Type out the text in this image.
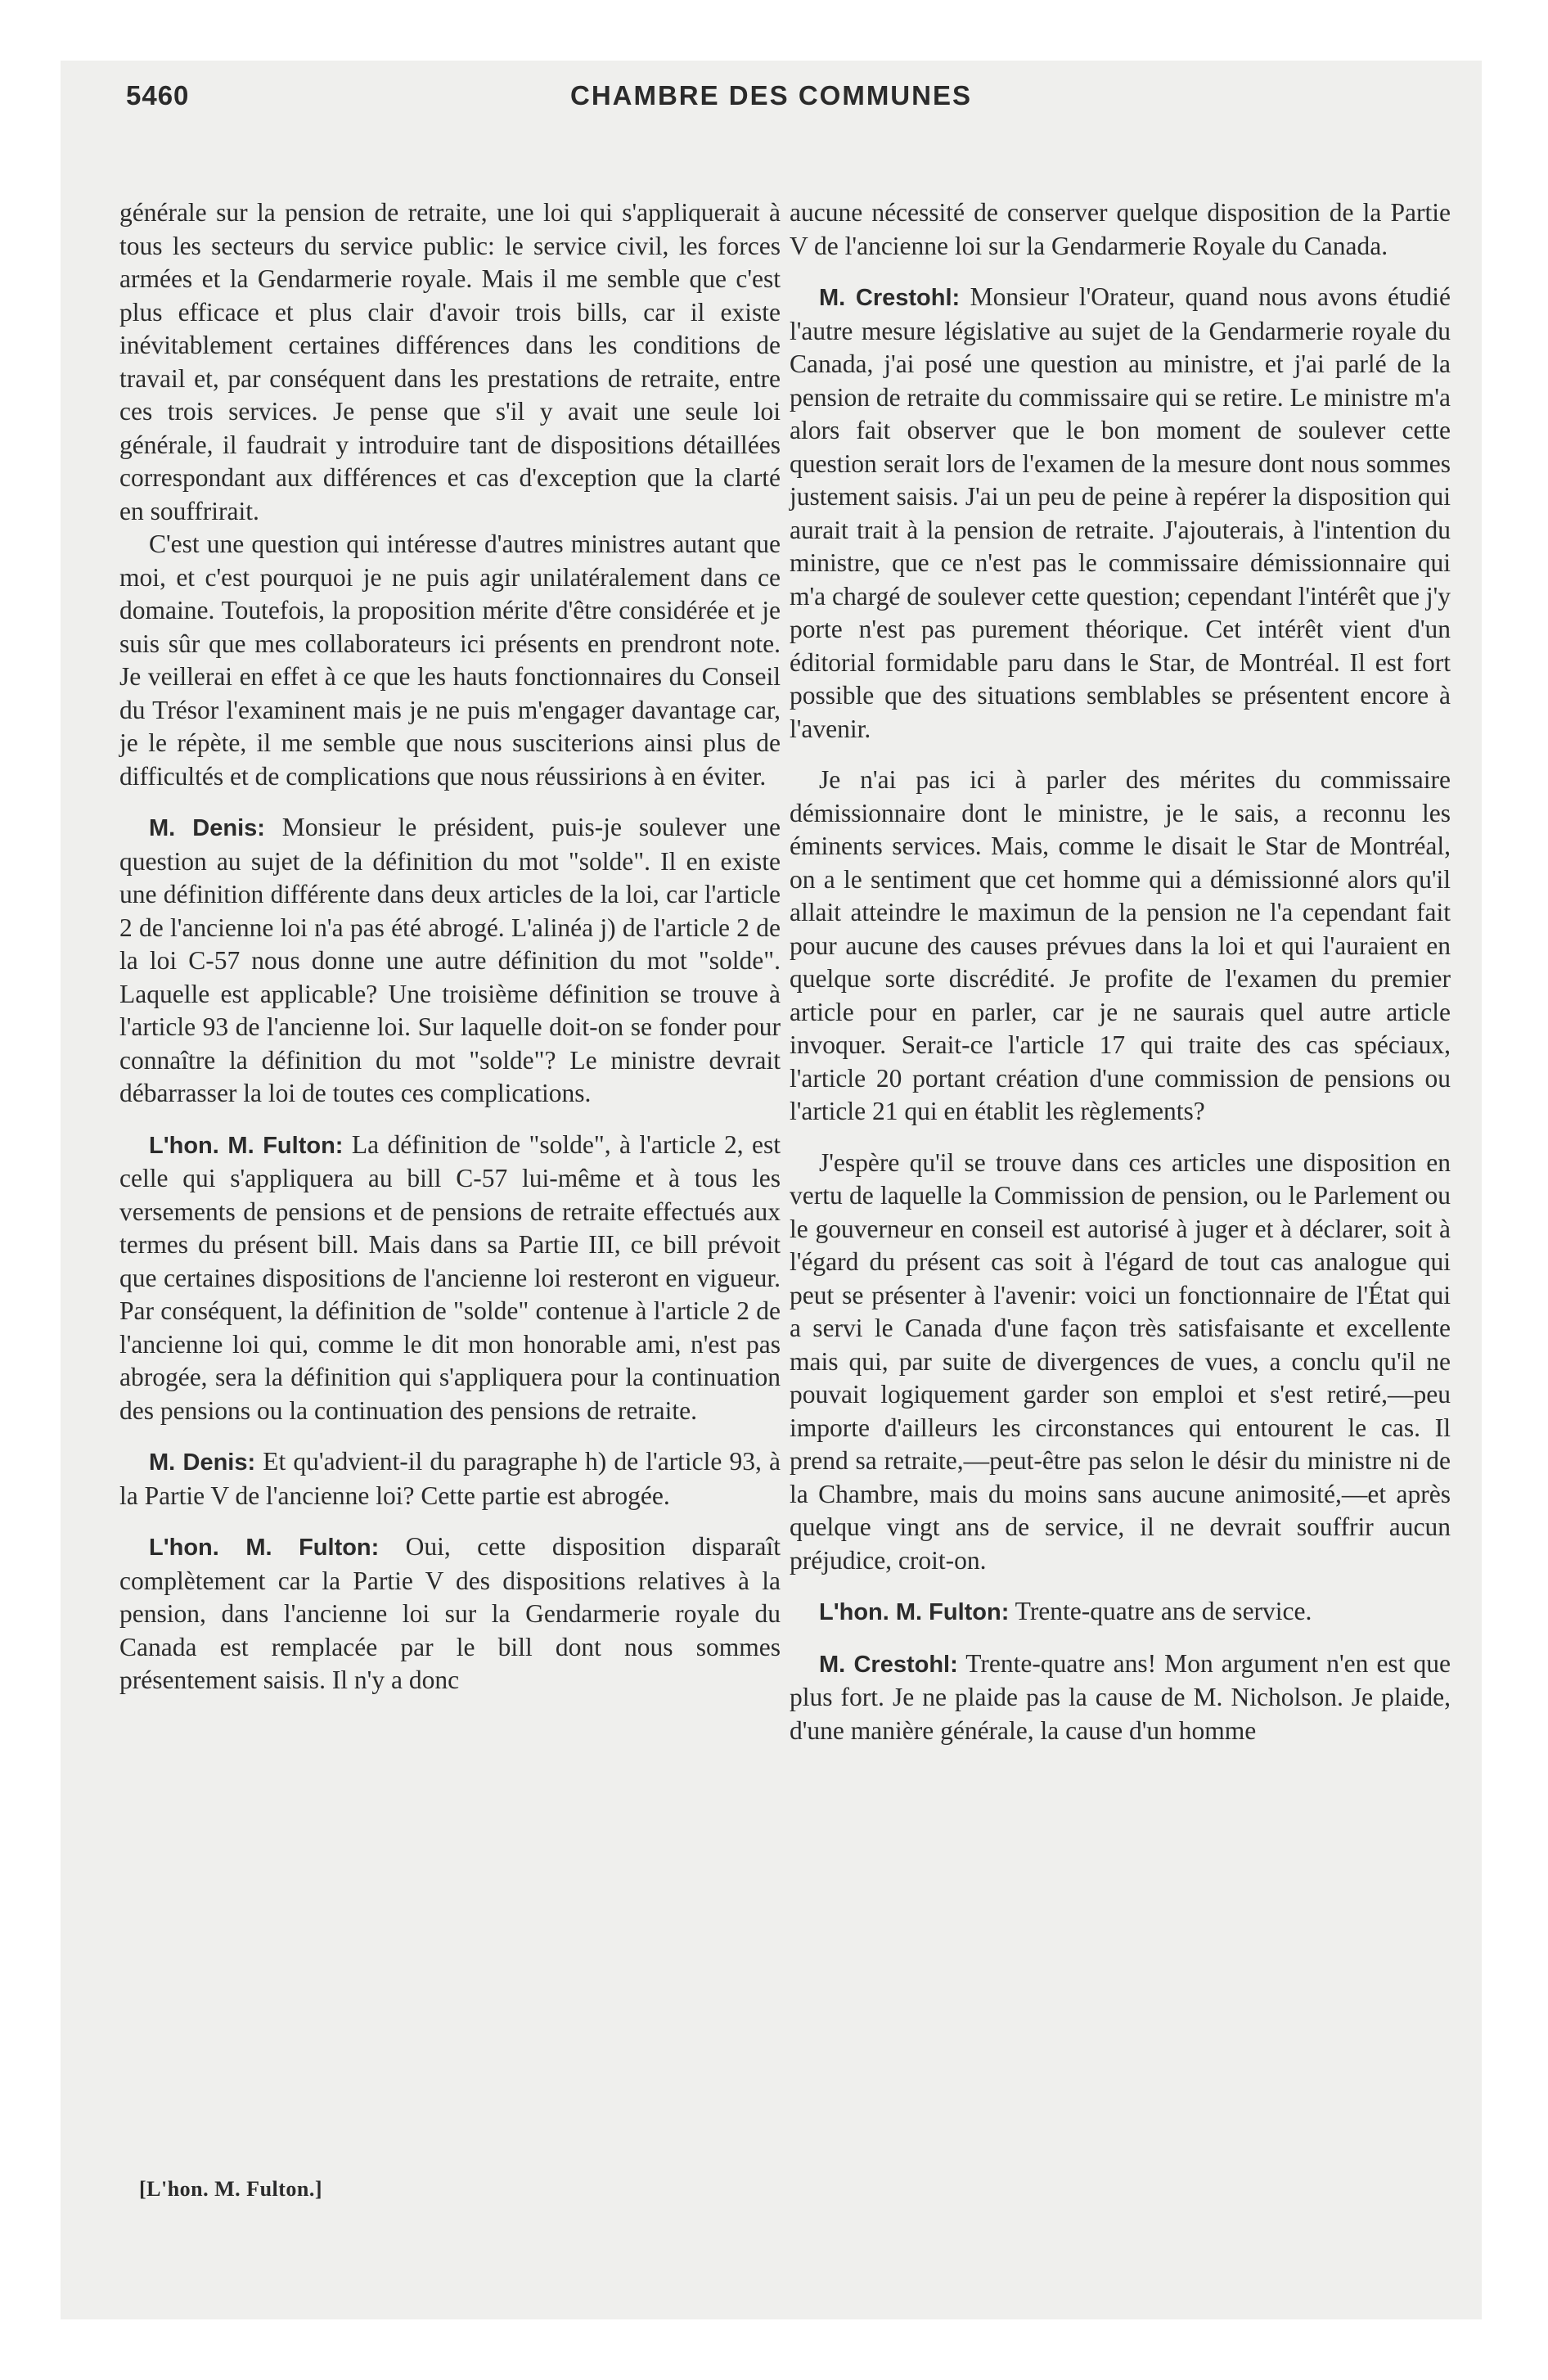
5460	CHAMBRE DES COMMUNES

générale sur la pension de retraite, une loi qui s'appliquerait à tous les secteurs du service public: le service civil, les forces armées et la Gendarmerie royale. Mais il me semble que c'est plus efficace et plus clair d'avoir trois bills, car il existe inévitablement certaines différences dans les conditions de travail et, par conséquent dans les prestations de retraite, entre ces trois services. Je pense que s'il y avait une seule loi générale, il faudrait y introduire tant de dispositions détaillées correspondant aux différences et cas d'exception que la clarté en souffrirait.

C'est une question qui intéresse d'autres ministres autant que moi, et c'est pourquoi je ne puis agir unilatéralement dans ce domaine. Toutefois, la proposition mérite d'être considérée et je suis sûr que mes collaborateurs ici présents en prendront note. Je veillerai en effet à ce que les hauts fonctionnaires du Conseil du Trésor l'examinent mais je ne puis m'engager davantage car, je le répète, il me semble que nous susciterions ainsi plus de difficultés et de complications que nous réussirions à en éviter.

M. Denis: Monsieur le président, puis-je soulever une question au sujet de la définition du mot "solde". Il en existe une définition différente dans deux articles de la loi, car l'article 2 de l'ancienne loi n'a pas été abrogé. L'alinéa j) de l'article 2 de la loi C-57 nous donne une autre définition du mot "solde". Laquelle est applicable? Une troisième définition se trouve à l'article 93 de l'ancienne loi. Sur laquelle doit-on se fonder pour connaître la définition du mot "solde"? Le ministre devrait débarrasser la loi de toutes ces complications.

L'hon. M. Fulton: La définition de "solde", à l'article 2, est celle qui s'appliquera au bill C-57 lui-même et à tous les versements de pensions et de pensions de retraite effectués aux termes du présent bill. Mais dans sa Partie III, ce bill prévoit que certaines dispositions de l'ancienne loi resteront en vigueur. Par conséquent, la définition de "solde" contenue à l'article 2 de l'ancienne loi qui, comme le dit mon honorable ami, n'est pas abrogée, sera la définition qui s'appliquera pour la continuation des pensions ou la continuation des pensions de retraite.

M. Denis: Et qu'advient-il du paragraphe h) de l'article 93, à la Partie V de l'ancienne loi? Cette partie est abrogée.

L'hon. M. Fulton: Oui, cette disposition disparaît complètement car la Partie V des dispositions relatives à la pension, dans l'ancienne loi sur la Gendarmerie royale du Canada est remplacée par le bill dont nous sommes présentement saisis. Il n'y a donc

aucune nécessité de conserver quelque disposition de la Partie V de l'ancienne loi sur la Gendarmerie Royale du Canada.

M. Crestohl: Monsieur l'Orateur, quand nous avons étudié l'autre mesure législative au sujet de la Gendarmerie royale du Canada, j'ai posé une question au ministre, et j'ai parlé de la pension de retraite du commissaire qui se retire. Le ministre m'a alors fait observer que le bon moment de soulever cette question serait lors de l'examen de la mesure dont nous sommes justement saisis. J'ai un peu de peine à repérer la disposition qui aurait trait à la pension de retraite. J'ajouterais, à l'intention du ministre, que ce n'est pas le commissaire démissionnaire qui m'a chargé de soulever cette question; cependant l'intérêt que j'y porte n'est pas purement théorique. Cet intérêt vient d'un éditorial formidable paru dans le Star, de Montréal. Il est fort possible que des situations semblables se présentent encore à l'avenir.

Je n'ai pas ici à parler des mérites du commissaire démissionnaire dont le ministre, je le sais, a reconnu les éminents services. Mais, comme le disait le Star de Montréal, on a le sentiment que cet homme qui a démissionné alors qu'il allait atteindre le maximun de la pension ne l'a cependant fait pour aucune des causes prévues dans la loi et qui l'auraient en quelque sorte discrédité. Je profite de l'examen du premier article pour en parler, car je ne saurais quel autre article invoquer. Serait-ce l'article 17 qui traite des cas spéciaux, l'article 20 portant création d'une commission de pensions ou l'article 21 qui en établit les règlements?

J'espère qu'il se trouve dans ces articles une disposition en vertu de laquelle la Commission de pension, ou le Parlement ou le gouverneur en conseil est autorisé à juger et à déclarer, soit à l'égard du présent cas soit à l'égard de tout cas analogue qui peut se présenter à l'avenir: voici un fonctionnaire de l'État qui a servi le Canada d'une façon très satisfaisante et excellente mais qui, par suite de divergences de vues, a conclu qu'il ne pouvait logiquement garder son emploi et s'est retiré,—peu importe d'ailleurs les circonstances qui entourent le cas. Il prend sa retraite,—peut-être pas selon le désir du ministre ni de la Chambre, mais du moins sans aucune animosité,—et après quelque vingt ans de service, il ne devrait souffrir aucun préjudice, croit-on.

L'hon. M. Fulton: Trente-quatre ans de service.

M. Crestohl: Trente-quatre ans! Mon argument n'en est que plus fort. Je ne plaide pas la cause de M. Nicholson. Je plaide, d'une manière générale, la cause d'un homme

[L'hon. M. Fulton.]
